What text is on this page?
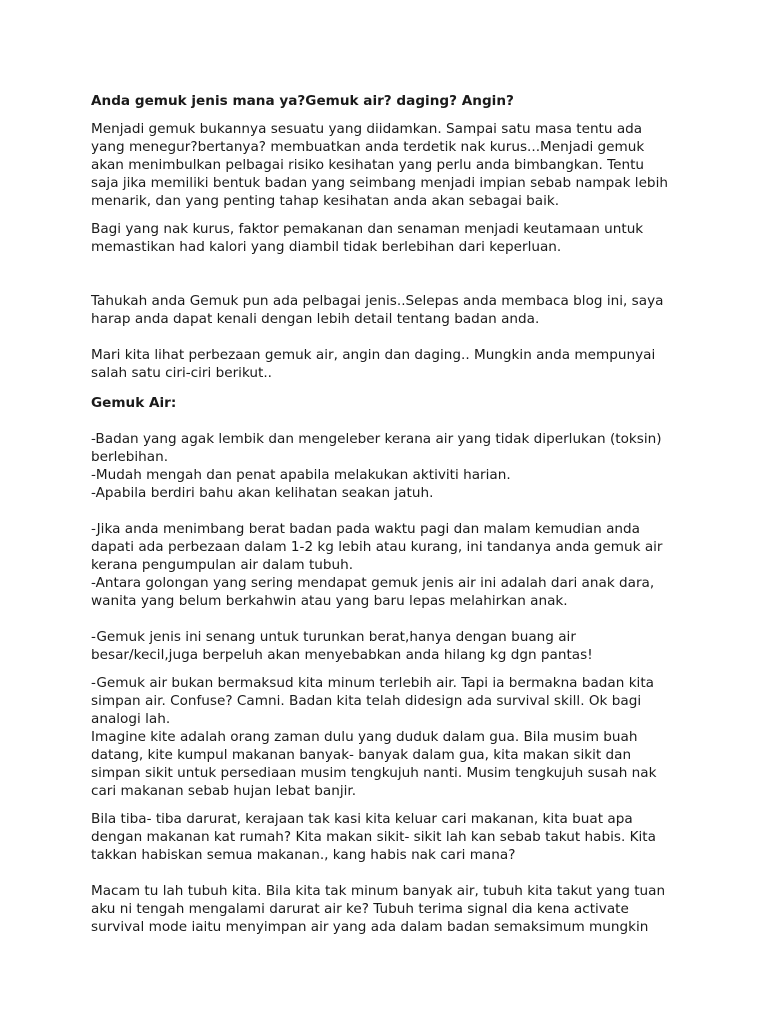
Anda gemuk jenis mana ya?Gemuk air? daging? Angin?
Menjadi gemuk bukannya sesuatu yang diidamkan. Sampai satu masa tentu ada
yang menegur?bertanya? membuatkan anda terdetik nak kurus...Menjadi gemuk
akan menimbulkan pelbagai risiko kesihatan yang perlu anda bimbangkan. Tentu
saja jika memiliki bentuk badan yang seimbang menjadi impian sebab nampak lebih
menarik, dan yang penting tahap kesihatan anda akan sebagai baik.
Bagi yang nak kurus, faktor pemakanan dan senaman menjadi keutamaan untuk
memastikan had kalori yang diambil tidak berlebihan dari keperluan.
Tahukah anda Gemuk pun ada pelbagai jenis..Selepas anda membaca blog ini, saya
harap anda dapat kenali dengan lebih detail tentang badan anda.
Mari kita lihat perbezaan gemuk air, angin dan daging.. Mungkin anda mempunyai
salah satu ciri-ciri berikut..
Gemuk Air:
-Badan yang agak lembik dan mengeleber kerana air yang tidak diperlukan (toksin)
berlebihan.
-Mudah mengah dan penat apabila melakukan aktiviti harian.
-Apabila berdiri bahu akan kelihatan seakan jatuh.
-Jika anda menimbang berat badan pada waktu pagi dan malam kemudian anda
dapati ada perbezaan dalam 1-2 kg lebih atau kurang, ini tandanya anda gemuk air
kerana pengumpulan air dalam tubuh.
-Antara golongan yang sering mendapat gemuk jenis air ini adalah dari anak dara,
wanita yang belum berkahwin atau yang baru lepas melahirkan anak.
-Gemuk jenis ini senang untuk turunkan berat,hanya dengan buang air
besar/kecil,juga berpeluh akan menyebabkan anda hilang kg dgn pantas!
-Gemuk air bukan bermaksud kita minum terlebih air. Tapi ia bermakna badan kita
simpan air. Confuse? Camni. Badan kita telah didesign ada survival skill. Ok bagi
analogi lah.
Imagine kite adalah orang zaman dulu yang duduk dalam gua. Bila musim buah
datang, kite kumpul makanan banyak- banyak dalam gua, kita makan sikit dan
simpan sikit untuk persediaan musim tengkujuh nanti. Musim tengkujuh susah nak
cari makanan sebab hujan lebat banjir.
Bila tiba- tiba darurat, kerajaan tak kasi kita keluar cari makanan, kita buat apa
dengan makanan kat rumah? Kita makan sikit- sikit lah kan sebab takut habis. Kita
takkan habiskan semua makanan., kang habis nak cari mana?
Macam tu lah tubuh kita. Bila kita tak minum banyak air, tubuh kita takut yang tuan
aku ni tengah mengalami darurat air ke? Tubuh terima signal dia kena activate
survival mode iaitu menyimpan air yang ada dalam badan semaksimum mungkin
